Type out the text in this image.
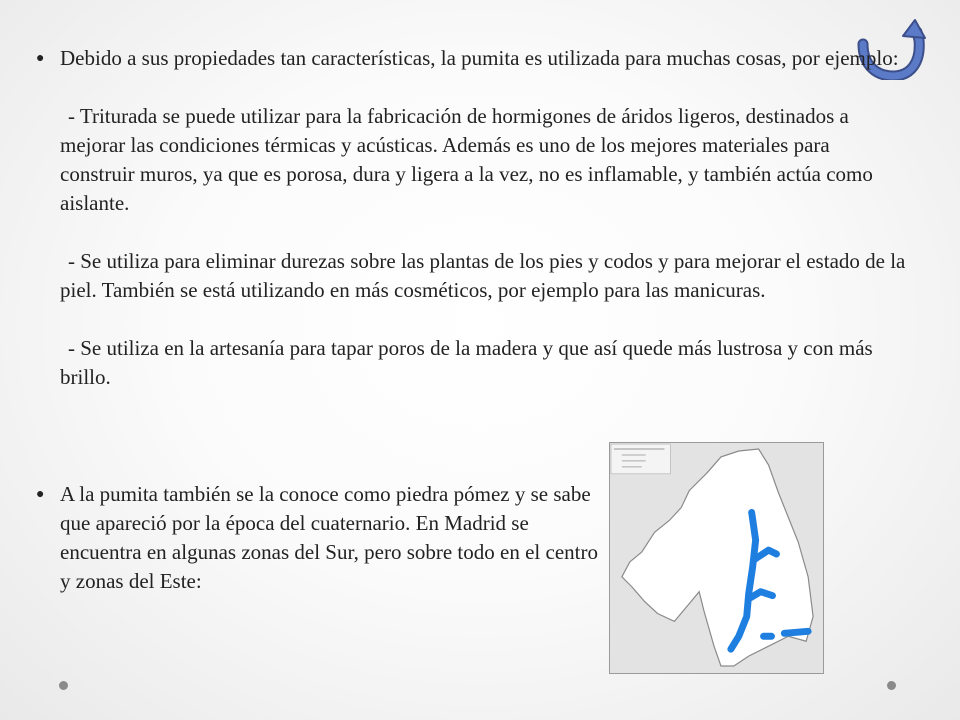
● Debido a sus propiedades tan características, la pumita es utilizada para muchas cosas, por ejemplo:

- Triturada se puede utilizar para la fabricación de hormigones de áridos ligeros, destinados a mejorar las condiciones térmicas y acústicas. Además es uno de los mejores materiales para construir muros, ya que es porosa, dura y ligera a la vez, no es inflamable, y también actúa como aislante.

- Se utiliza para eliminar durezas sobre las plantas de los pies y codos y para mejorar el estado de la piel. También se está utilizando en más cosméticos, por ejemplo para las manicuras.

- Se utiliza en la artesanía para tapar poros de la madera y que así quede más lustrosa y con más brillo.

● A la pumita también se la conoce como piedra pómez y se sabe que apareció por la época del cuaternario. En Madrid se encuentra en algunas zonas del Sur, pero sobre todo en el centro y zonas del Este:
